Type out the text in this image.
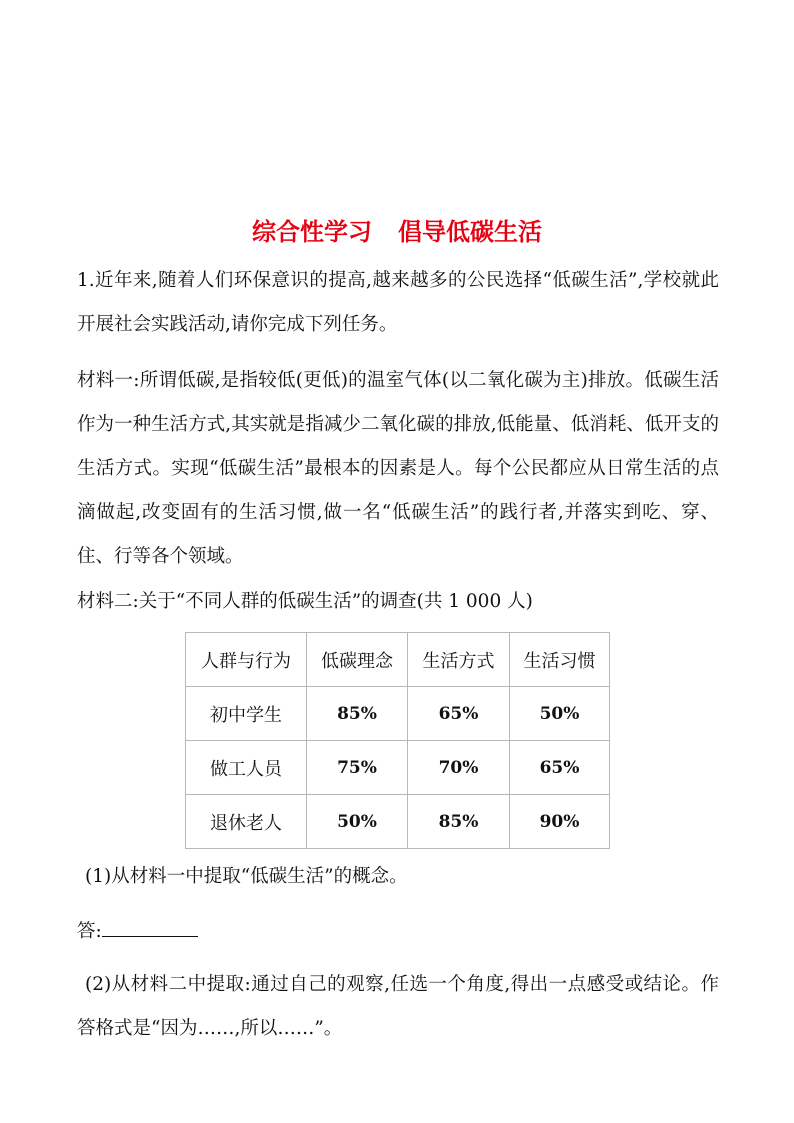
综合性学习 倡导低碳生活
1.近年来,随着人们环保意识的提高,越来越多的公民选择“低碳生活”,学校就此开展社会实践活动,请你完成下列任务。
材料一:所谓低碳,是指较低(更低)的温室气体(以二氧化碳为主)排放。低碳生活作为一种生活方式,其实就是指减少二氧化碳的排放,低能量、低消耗、低开支的生活方式。实现“低碳生活”最根本的因素是人。每个公民都应从日常生活的点滴做起,改变固有的生活习惯,做一名“低碳生活”的践行者,并落实到吃、穿、住、行等各个领域。
材料二:关于“不同人群的低碳生活”的调查(共 1 000 人)
人群与行为	低碳理念	生活方式	生活习惯
初中学生	85%	65%	50%
做工人员	75%	70%	65%
退休老人	50%	85%	90%
(1)从材料一中提取“低碳生活”的概念。
答:
(2)从材料二中提取:通过自己的观察,任选一个角度,得出一点感受或结论。作答格式是“因为……,所以……”。
